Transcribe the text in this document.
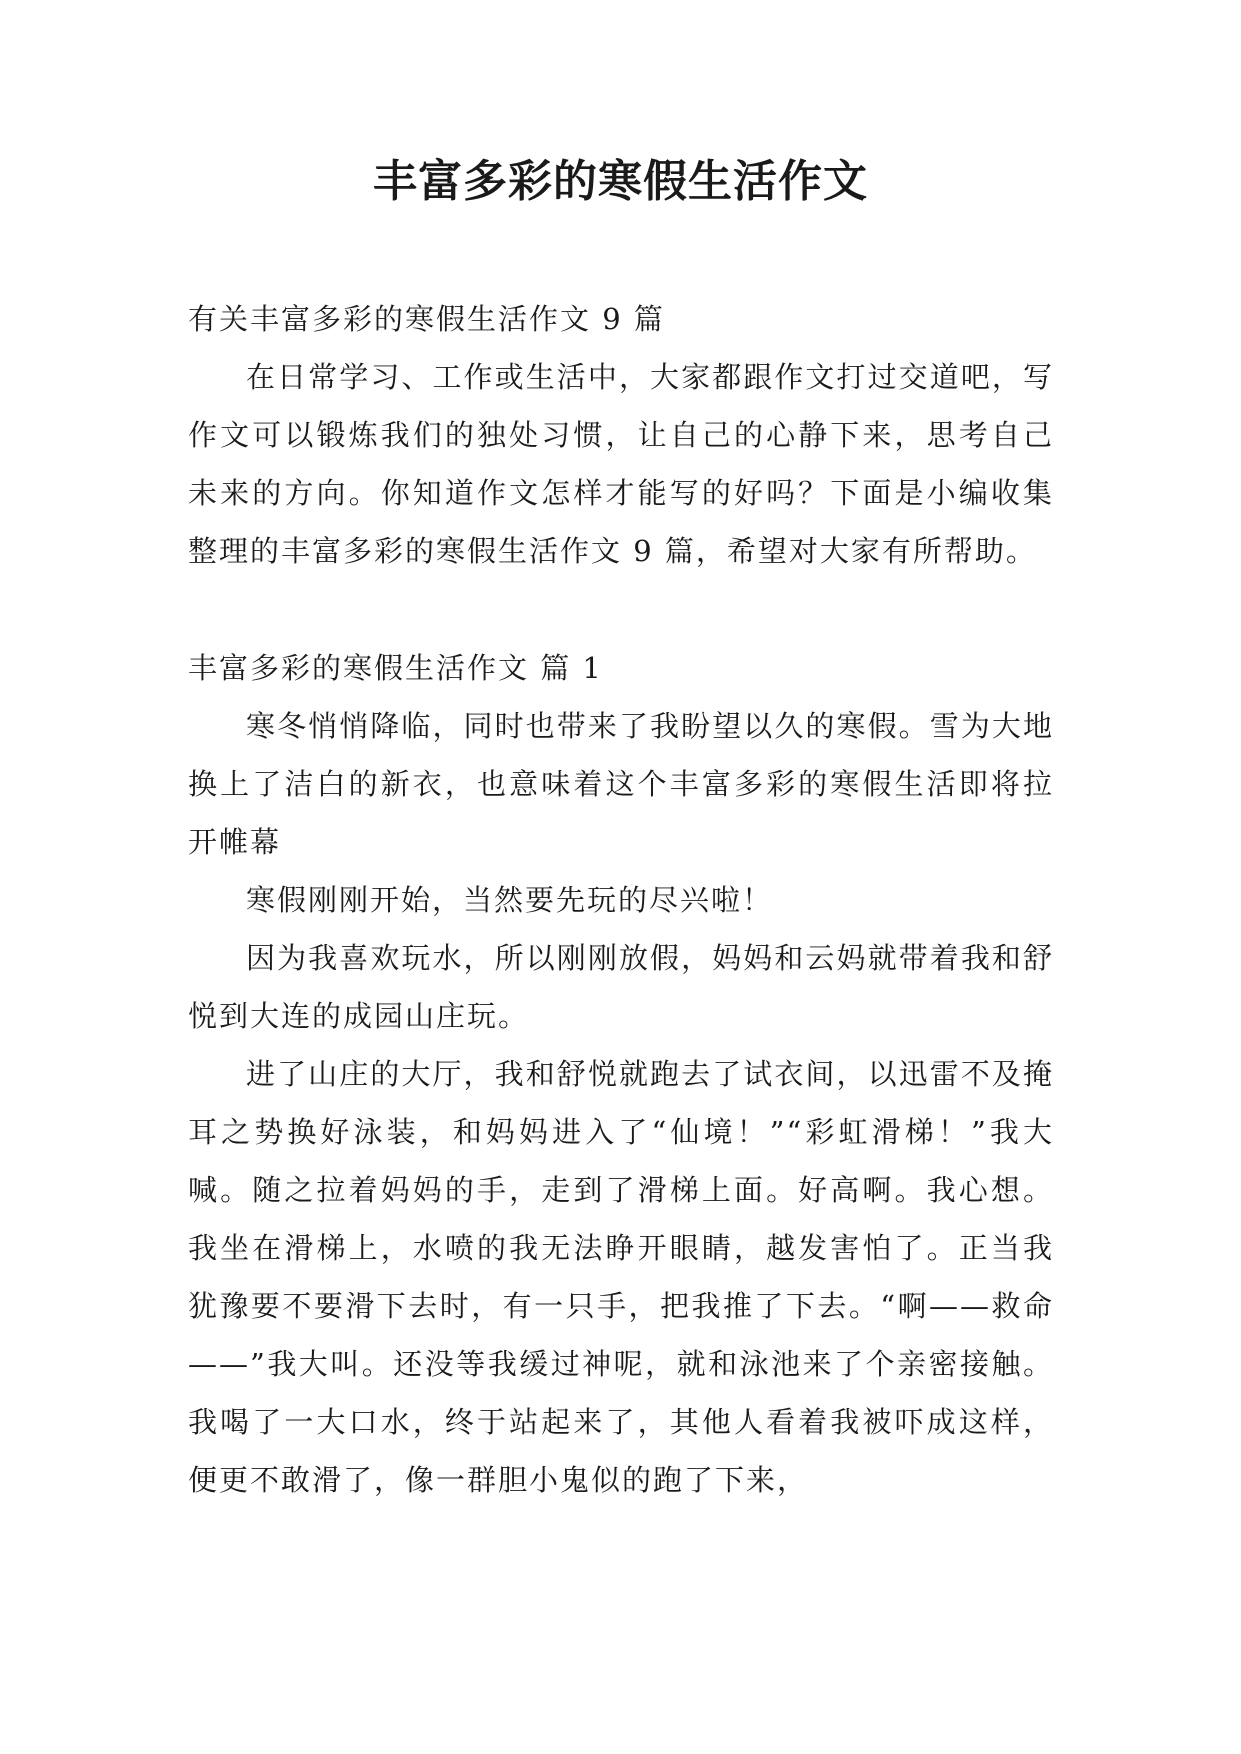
丰富多彩的寒假生活作文

有关丰富多彩的寒假生活作文 9 篇

在日常学习、工作或生活中，大家都跟作文打过交道吧，写作文可以锻炼我们的独处习惯，让自己的心静下来，思考自己未来的方向。你知道作文怎样才能写的好吗？下面是小编收集整理的丰富多彩的寒假生活作文 9 篇，希望对大家有所帮助。

丰富多彩的寒假生活作文 篇 1

寒冬悄悄降临，同时也带来了我盼望以久的寒假。雪为大地换上了洁白的新衣，也意味着这个丰富多彩的寒假生活即将拉开帷幕

寒假刚刚开始，当然要先玩的尽兴啦！

因为我喜欢玩水，所以刚刚放假，妈妈和云妈就带着我和舒悦到大连的成园山庄玩。

进了山庄的大厅，我和舒悦就跑去了试衣间，以迅雷不及掩耳之势换好泳装，和妈妈进入了“仙境！”“彩虹滑梯！”我大喊。随之拉着妈妈的手，走到了滑梯上面。好高啊。我心想。我坐在滑梯上，水喷的我无法睁开眼睛，越发害怕了。正当我犹豫要不要滑下去时，有一只手，把我推了下去。“啊——救命——”我大叫。还没等我缓过神呢，就和泳池来了个亲密接触。我喝了一大口水，终于站起来了，其他人看着我被吓成这样，便更不敢滑了，像一群胆小鬼似的跑了下来，
